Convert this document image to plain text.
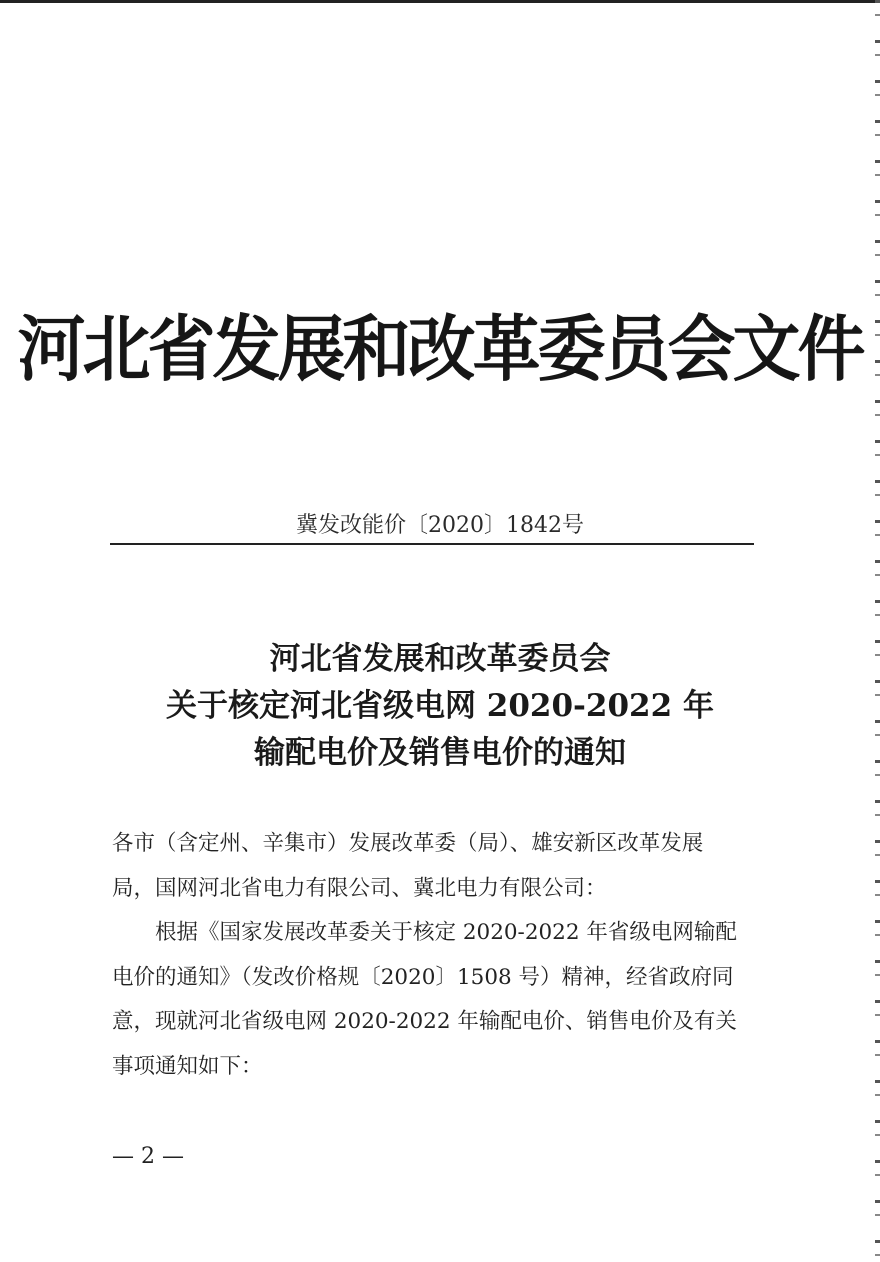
河北省发展和改革委员会文件
冀发改能价〔2020〕1842号
河北省发展和改革委员会
关于核定河北省级电网 2020-2022 年
输配电价及销售电价的通知

各市（含定州、辛集市）发展改革委（局）、雄安新区改革发展

局，国网河北省电力有限公司、冀北电力有限公司：

根据《国家发展改革委关于核定 2020-2022 年省级电网输配

电价的通知》（发改价格规〔2020〕1508 号）精神，经省政府同

意，现就河北省级电网 2020-2022 年输配电价、销售电价及有关

事项通知如下：

— 2 —
